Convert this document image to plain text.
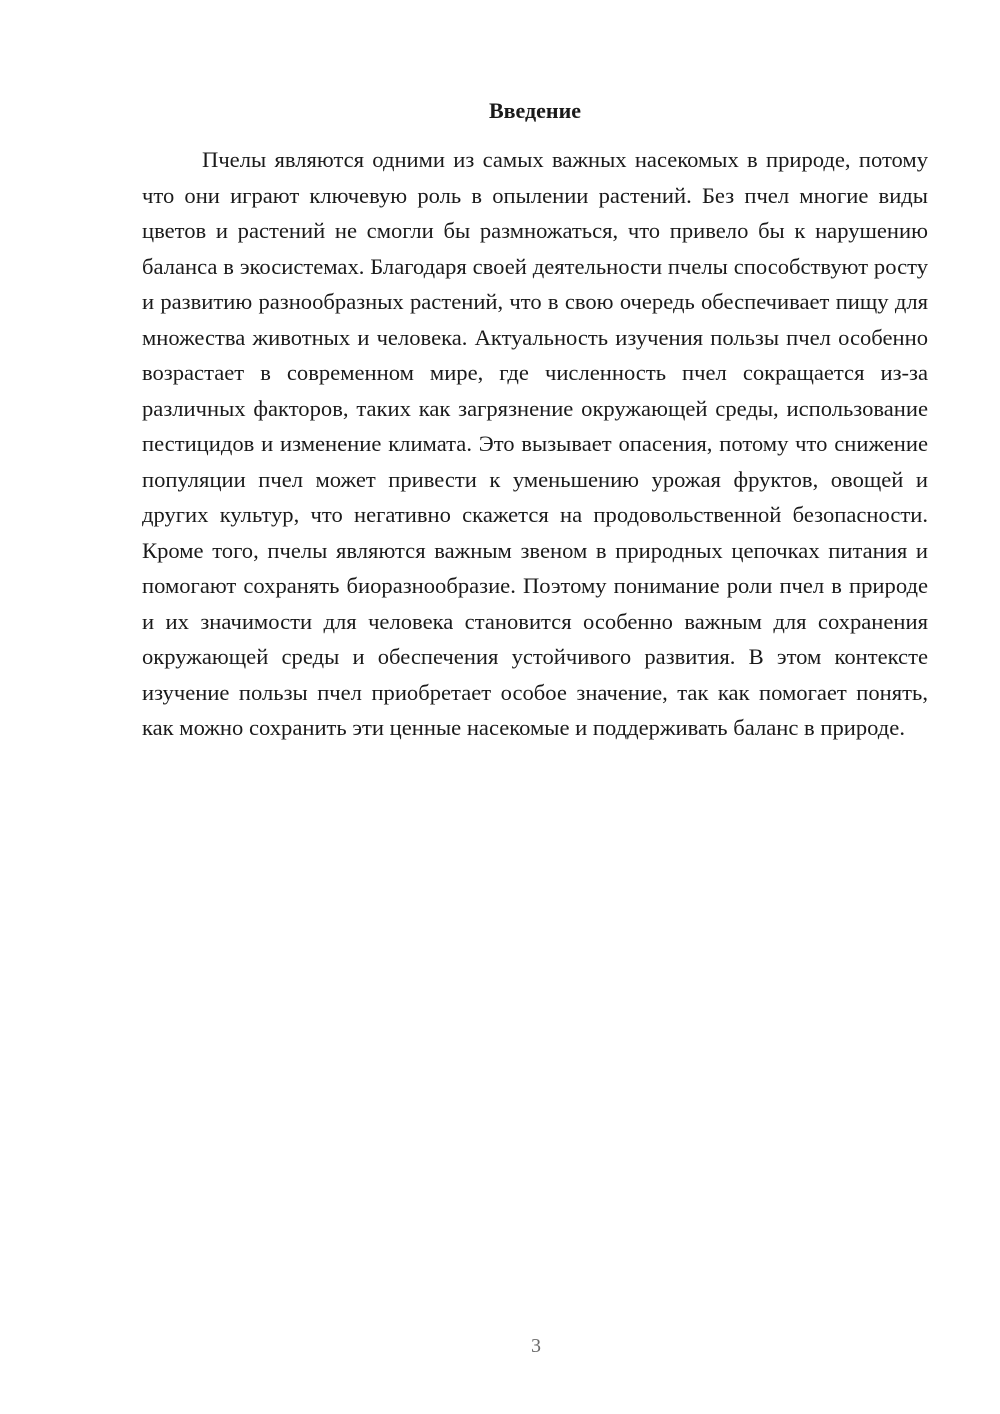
Введение

Пчелы являются одними из самых важных насекомых в природе, потому что они играют ключевую роль в опылении растений. Без пчел многие виды цветов и растений не смогли бы размножаться, что привело бы к нарушению баланса в экосистемах. Благодаря своей деятельности пчелы способствуют росту и развитию разнообразных растений, что в свою очередь обеспечивает пищу для множества животных и человека. Актуальность изучения пользы пчел особенно возрастает в современном мире, где численность пчел сокращается из-за различных факторов, таких как загрязнение окружающей среды, использование пестицидов и изменение климата. Это вызывает опасения, потому что снижение популяции пчел может привести к уменьшению урожая фруктов, овощей и других культур, что негативно скажется на продовольственной безопасности. Кроме того, пчелы являются важным звеном в природных цепочках питания и помогают сохранять биоразнообразие. Поэтому понимание роли пчел в природе и их значимости для человека становится особенно важным для сохранения окружающей среды и обеспечения устойчивого развития. В этом контексте изучение пользы пчел приобретает особое значение, так как помогает понять, как можно сохранить эти ценные насекомые и поддерживать баланс в природе.

3
